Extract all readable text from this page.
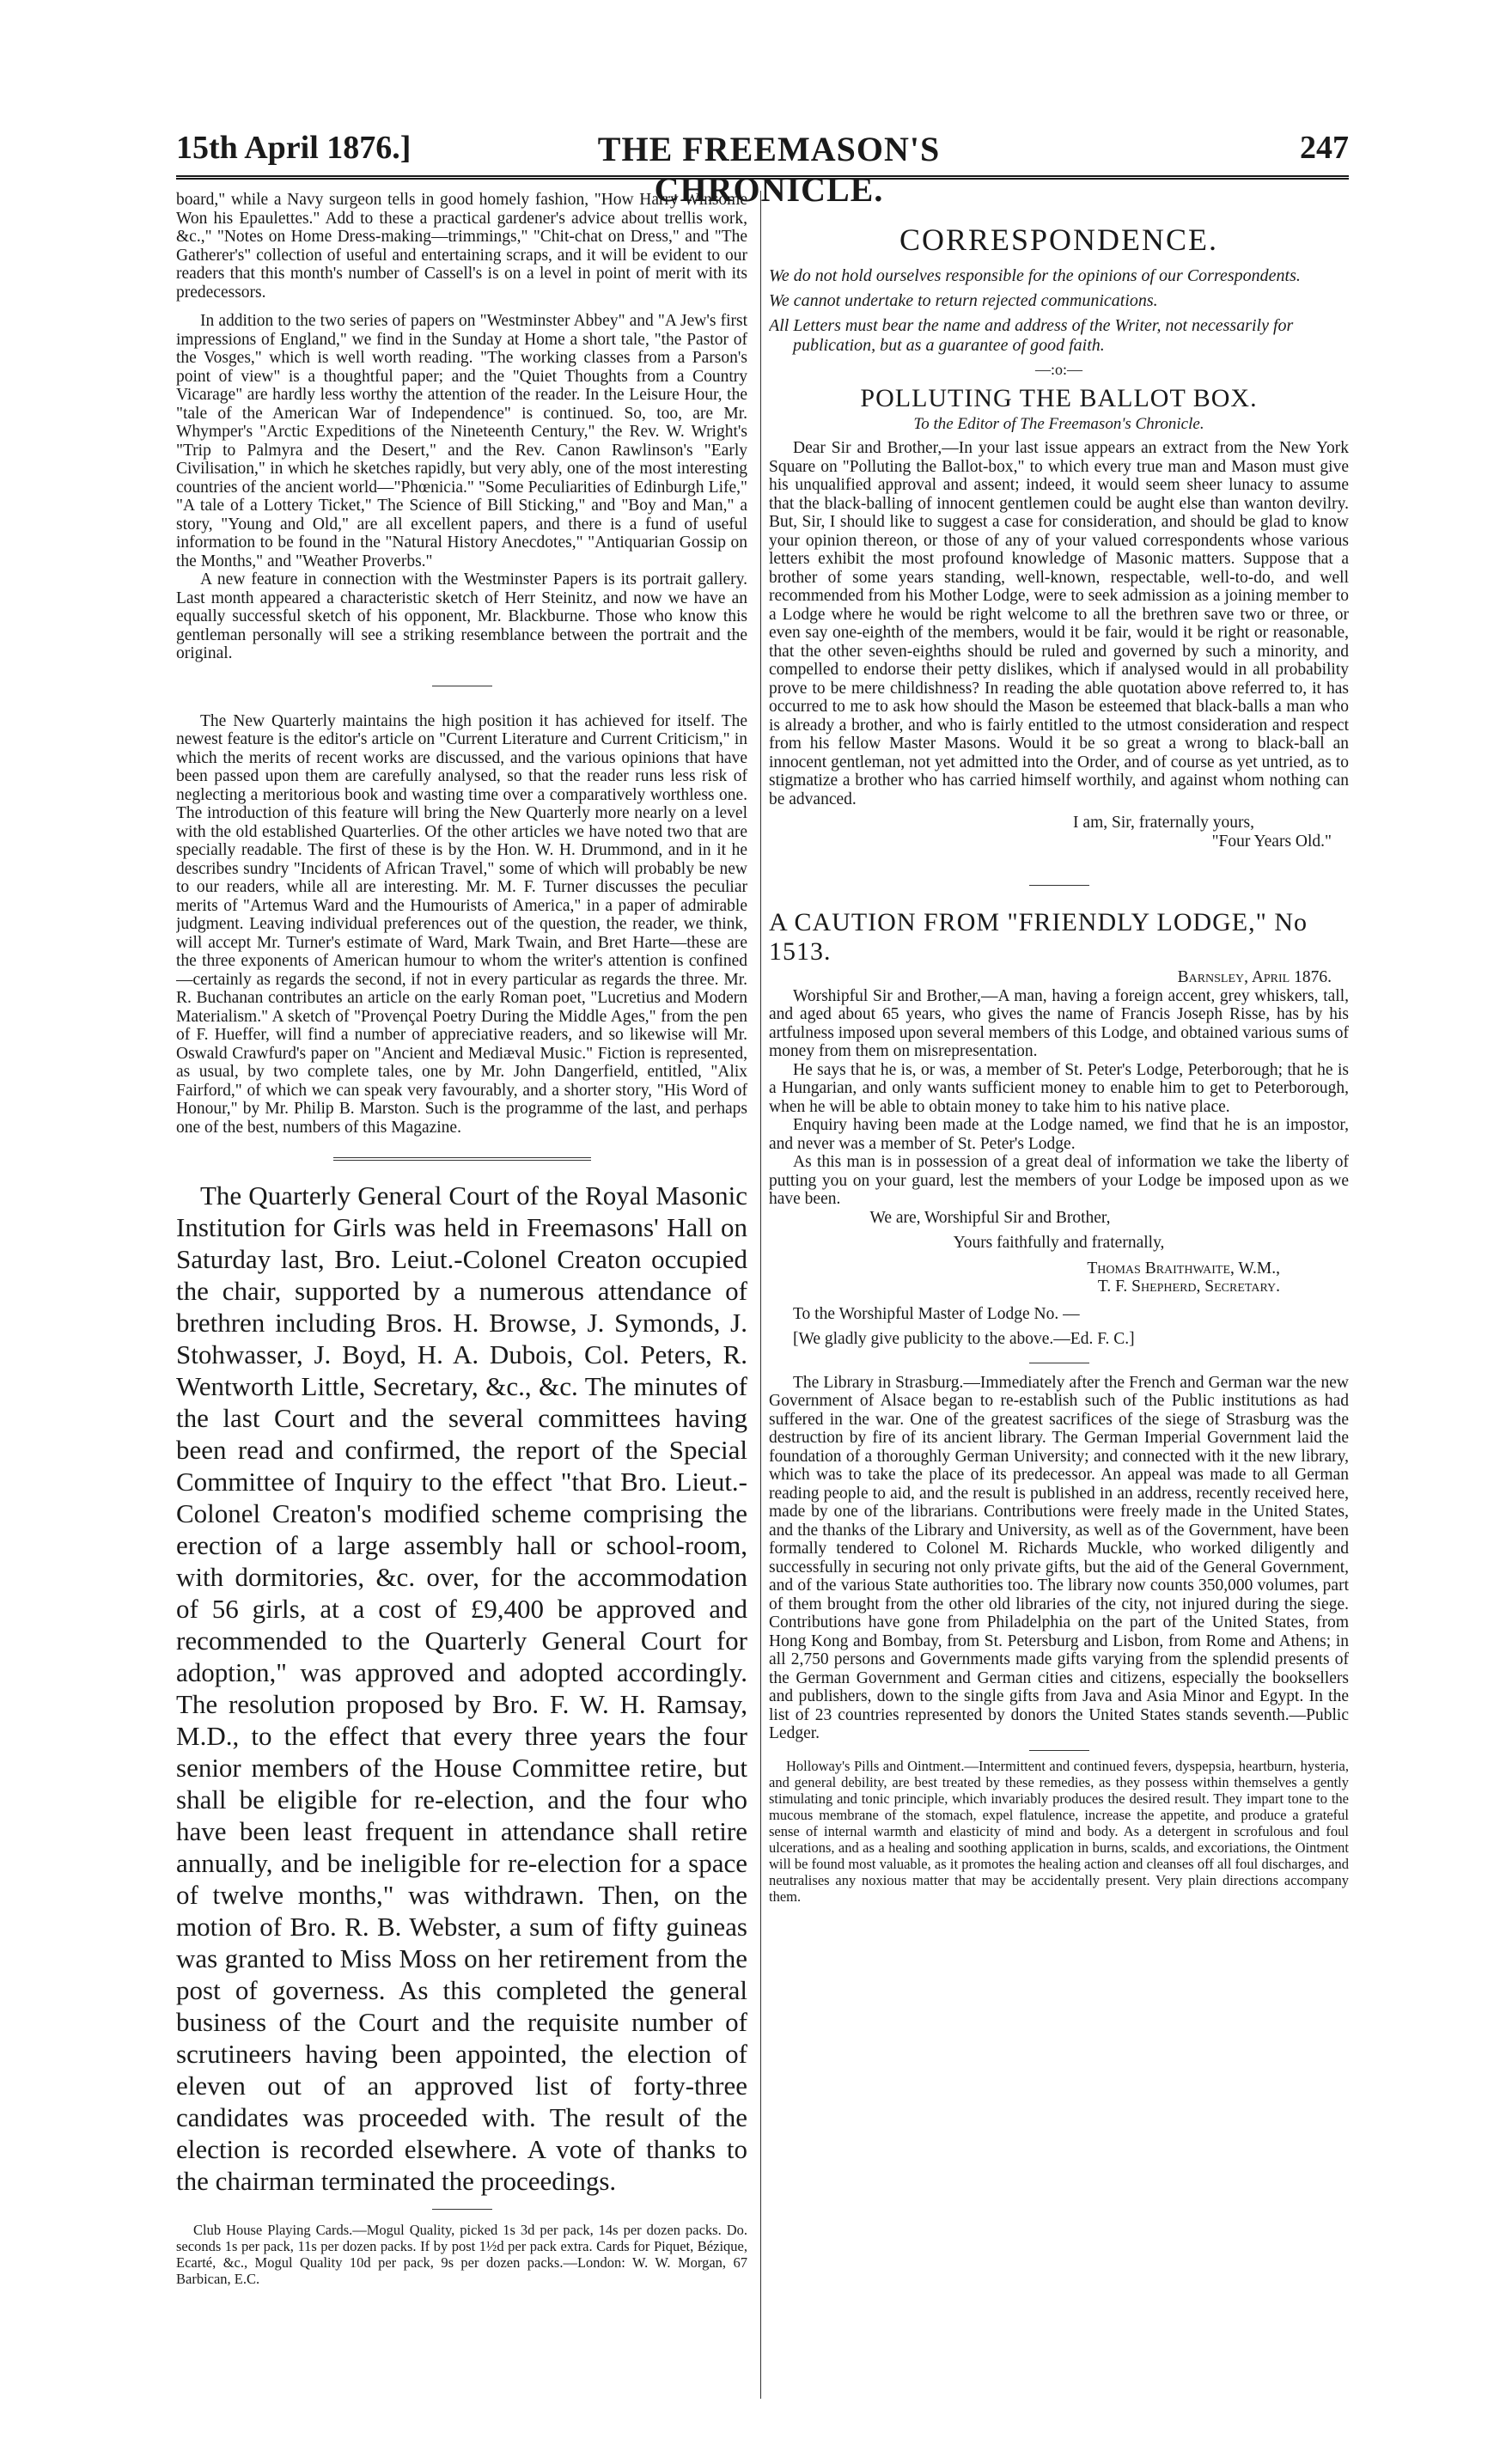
15th April 1876.]	THE FREEMASON'S CHRONICLE.
247

board," while a Navy surgeon tells in good homely fashion, "How Harry Winsome Won his Epaulettes." Add to these a practical gardener's advice about trellis work, &c.," "Notes on Home Dress-making—trimmings," "Chit-chat on Dress," and "The Gatherer's" collection of useful and entertaining scraps, and it will be evident to our readers that this month's number of Cassell's is on a level in point of merit with its predecessors.

In addition to the two series of papers on "Westminster Abbey" and "A Jew's first impressions of England," we find in the Sunday at Home a short tale, "the Pastor of the Vosges," which is well worth reading. "The working classes from a Parson's point of view" is a thoughtful paper; and the "Quiet Thoughts from a Country Vicarage" are hardly less worthy the attention of the reader. In the Leisure Hour, the "tale of the American War of Independence" is continued. So, too, are Mr. Whymper's "Arctic Expeditions of the Nineteenth Century," the Rev. W. Wright's "Trip to Palmyra and the Desert," and the Rev. Canon Rawlinson's "Early Civilisation," in which he sketches rapidly, but very ably, one of the most interesting countries of the ancient world—"Phœnicia." "Some Peculiarities of Edinburgh Life," "A tale of a Lottery Ticket," The Science of Bill Sticking," and "Boy and Man," a story, "Young and Old," are all excellent papers, and there is a fund of useful information to be found in the "Natural History Anecdotes," "Antiquarian Gossip on the Months," and "Weather Proverbs."

A new feature in connection with the Westminster Papers is its portrait gallery. Last month appeared a characteristic sketch of Herr Steinitz, and now we have an equally successful sketch of his opponent, Mr. Blackburne. Those who know this gentleman personally will see a striking resemblance between the portrait and the original.

The New Quarterly maintains the high position it has achieved for itself. The newest feature is the editor's article on "Current Literature and Current Criticism," in which the merits of recent works are discussed, and the various opinions that have been passed upon them are carefully analysed, so that the reader runs less risk of neglecting a meritorious book and wasting time over a comparatively worthless one. The introduction of this feature will bring the New Quarterly more nearly on a level with the old established Quarterlies. Of the other articles we have noted two that are specially readable. The first of these is by the Hon. W. H. Drummond, and in it he describes sundry "Incidents of African Travel," some of which will probably be new to our readers, while all are interesting. Mr. M. F. Turner discusses the peculiar merits of "Artemus Ward and the Humourists of America," in a paper of admirable judgment. Leaving individual preferences out of the question, the reader, we think, will accept Mr. Turner's estimate of Ward, Mark Twain, and Bret Harte—these are the three exponents of American humour to whom the writer's attention is confined—certainly as regards the second, if not in every particular as regards the three. Mr. R. Buchanan contributes an article on the early Roman poet, "Lucretius and Modern Materialism." A sketch of "Provençal Poetry During the Middle Ages," from the pen of F. Hueffer, will find a number of appreciative readers, and so likewise will Mr. Oswald Crawfurd's paper on "Ancient and Mediæval Music." Fiction is represented, as usual, by two complete tales, one by Mr. John Dangerfield, entitled, "Alix Fairford," of which we can speak very favourably, and a shorter story, "His Word of Honour," by Mr. Philip B. Marston. Such is the programme of the last, and perhaps one of the best, numbers of this Magazine.

The Quarterly General Court of the Royal Masonic Institution for Girls was held in Freemasons' Hall on Saturday last, Bro. Leiut.-Colonel Creaton occupied the chair, supported by a numerous attendance of brethren including Bros. H. Browse, J. Symonds, J. Stohwasser, J. Boyd, H. A. Dubois, Col. Peters, R. Wentworth Little, Secretary, &c., &c. The minutes of the last Court and the several committees having been read and confirmed, the report of the Special Committee of Inquiry to the effect "that Bro. Lieut.-Colonel Creaton's modified scheme comprising the erection of a large assembly hall or school-room, with dormitories, &c. over, for the accommodation of 56 girls, at a cost of £9,400 be approved and recommended to the Quarterly General Court for adoption," was approved and adopted accordingly. The resolution proposed by Bro. F. W. H. Ramsay, M.D., to the effect that every three years the four senior members of the House Committee retire, but shall be eligible for re-election, and the four who have been least frequent in attendance shall retire annually, and be ineligible for re-election for a space of twelve months," was withdrawn. Then, on the motion of Bro. R. B. Webster, a sum of fifty guineas was granted to Miss Moss on her retirement from the post of governess. As this completed the general business of the Court and the requisite number of scrutineers having been appointed, the election of eleven out of an approved list of forty-three candidates was proceeded with. The result of the election is recorded elsewhere. A vote of thanks to the chairman terminated the proceedings.

Club House Playing Cards.—Mogul Quality, picked 1s 3d per pack, 14s per dozen packs. Do. seconds 1s per pack, 11s per dozen packs. If by post 1½d per pack extra. Cards for Piquet, Bézique, Ecarté, &c., Mogul Quality 10d per pack, 9s per dozen packs.—London: W. W. Morgan, 67 Barbican, E.C.

CORRESPONDENCE.
We do not hold ourselves responsible for the opinions of our Correspondents.
We cannot undertake to return rejected communications.
All Letters must bear the name and address of the Writer, not necessarily for publication, but as a guarantee of good faith.
—:o:—
POLLUTING THE BALLOT BOX.
To the Editor of The Freemason's Chronicle.

Dear Sir and Brother,—In your last issue appears an extract from the New York Square on "Polluting the Ballot-box," to which every true man and Mason must give his unqualified approval and assent; indeed, it would seem sheer lunacy to assume that the black-balling of innocent gentlemen could be aught else than wanton devilry. But, Sir, I should like to suggest a case for consideration, and should be glad to know your opinion thereon, or those of any of your valued correspondents whose various letters exhibit the most profound knowledge of Masonic matters. Suppose that a brother of some years standing, well-known, respectable, well-to-do, and well recommended from his Mother Lodge, were to seek admission as a joining member to a Lodge where he would be right welcome to all the brethren save two or three, or even say one-eighth of the members, would it be fair, would it be right or reasonable, that the other seven-eighths should be ruled and governed by such a minority, and compelled to endorse their petty dislikes, which if analysed would in all probability prove to be mere childishness? In reading the able quotation above referred to, it has occurred to me to ask how should the Mason be esteemed that black-balls a man who is already a brother, and who is fairly entitled to the utmost consideration and respect from his fellow Master Masons. Would it be so great a wrong to black-ball an innocent gentleman, not yet admitted into the Order, and of course as yet untried, as to stigmatize a brother who has carried himself worthily, and against whom nothing can be advanced.

I am, Sir, fraternally yours,

"Four Years Old."

A CAUTION FROM "FRIENDLY LODGE," No 1513.

Barnsley, April 1876.

Worshipful Sir and Brother,—A man, having a foreign accent, grey whiskers, tall, and aged about 65 years, who gives the name of Francis Joseph Risse, has by his artfulness imposed upon several members of this Lodge, and obtained various sums of money from them on misrepresentation.

He says that he is, or was, a member of St. Peter's Lodge, Peterborough; that he is a Hungarian, and only wants sufficient money to enable him to get to Peterborough, when he will be able to obtain money to take him to his native place.

Enquiry having been made at the Lodge named, we find that he is an impostor, and never was a member of St. Peter's Lodge.

As this man is in possession of a great deal of information we take the liberty of putting you on your guard, lest the members of your Lodge be imposed upon as we have been.

We are, Worshipful Sir and Brother,

Yours faithfully and fraternally,

Thomas Braithwaite, W.M.,

T. F. Shepherd, Secretary.

To the Worshipful Master of Lodge No. —

[We gladly give publicity to the above.—Ed. F. C.]

The Library in Strasburg.—Immediately after the French and German war the new Government of Alsace began to re-establish such of the Public institutions as had suffered in the war. One of the greatest sacrifices of the siege of Strasburg was the destruction by fire of its ancient library. The German Imperial Government laid the foundation of a thoroughly German University; and connected with it the new library, which was to take the place of its predecessor. An appeal was made to all German reading people to aid, and the result is published in an address, recently received here, made by one of the librarians. Contributions were freely made in the United States, and the thanks of the Library and University, as well as of the Government, have been formally tendered to Colonel M. Richards Muckle, who worked diligently and successfully in securing not only private gifts, but the aid of the General Government, and of the various State authorities too. The library now counts 350,000 volumes, part of them brought from the other old libraries of the city, not injured during the siege. Contributions have gone from Philadelphia on the part of the United States, from Hong Kong and Bombay, from St. Petersburg and Lisbon, from Rome and Athens; in all 2,750 persons and Governments made gifts varying from the splendid presents of the German Government and German cities and citizens, especially the booksellers and publishers, down to the single gifts from Java and Asia Minor and Egypt. In the list of 23 countries represented by donors the United States stands seventh.—Public Ledger.

Holloway's Pills and Ointment.—Intermittent and continued fevers, dyspepsia, heartburn, hysteria, and general debility, are best treated by these remedies, as they possess within themselves a gently stimulating and tonic principle, which invariably produces the desired result. They impart tone to the mucous membrane of the stomach, expel flatulence, increase the appetite, and produce a grateful sense of internal warmth and elasticity of mind and body. As a detergent in scrofulous and foul ulcerations, and as a healing and soothing application in burns, scalds, and excoriations, the Ointment will be found most valuable, as it promotes the healing action and cleanses off all foul discharges, and neutralises any noxious matter that may be accidentally present. Very plain directions accompany them.
